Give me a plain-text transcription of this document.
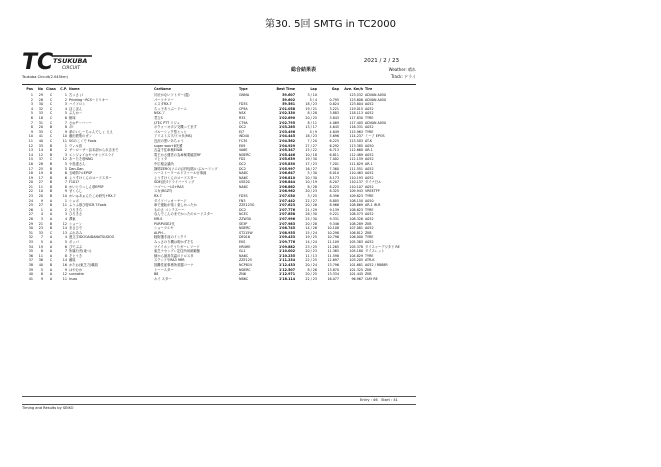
第30. 5回 SMTG in TC2000
TC TSUKUBA
CIRCUIT
Tsukuba Circuit(2.045km)
2021 / 2 / 23
総合結果表	Weather: 晴れ
Track: ドライ
Pos	No	Class	C.P.	Name	CarName	Type	Best Time	Lap	Gap	Ave. Km/h	Tire
1	29	C	1	古っさぅ!	川尻かないソトダー(菱)	GNMA	59.607	3 / 10		123.532	ADVAN A050
2	26	C	2	Pricelog〜RCS〜ドリキー	パーソナリー		59.602	5 / 4	0.795	123.606	ADVAN A050
3	30	C	3	ハイドロン	エスタRX-7	FD3S	59.561	18 / 23	0.824	123.804	A052
4	32	C	4	ぼこぼん	ちっ子あうぶ〜ドーニ	CP9A	1'01.058	19 / 21	3.221	119.015	A052
5	33	C	5	ぶんか〜	NSX-ア	NSX	1'02.330	8 / 28	3.883	118.113	A052
6	18	C	6	飯塚	君立S	R35	1'02.690	20 / 25	3.843	117.830	TYRE
7	31	C	7	さ◎ヂ〜ハ〜ー	J-TEC PTT リジェ	CT9A	1'02.795	8 / 11	4.069	117.405	ADVAN A050
8	20	B	8	ポ!	ボクゥ〜オポジ交機ってます	DC2	1'03.285	13 / 17	4.645	116.331	A052
9	35	C	9	命のいしーちゃんでしょ ええ	ゴルーシック型とっと	EJ7	1'03.496	4 / 9	4.849	115.963	TYRE
10	41	C	10	藤田教集のガン	アリストスプ/ドヨタ(MS)	WD40	1'04.445	18 / 23	5.696	114.237	ミーア EPOS
11	40	C	11	SGのこくで Fools	近況の黒いあちゃう	FC3S	1'04.562	7 / 20	6.225	113.503	AT-K
12	33	B	1	ウィル鳥	super wax+β先輩	EK9	1'04.929	27 / 27	6.292	113.385	A050
13	14	B	2	ザ〜ロ〜ザ〜誌本部から永吉まで	吉益千住車検EVAB	VA6E	1'05.347	15 / 22	6.713	112.660	AR-1
14	12	B	3	エンジョイ◎ヤマキングエライ	電王かさ運営の為車検要確認RF	NDERC	1'05.446	10 / 18	6.811	112.489	A052
15	37	C	12	あーたそ@NNG	リヒトダ	FD2	1'05.639	19 / 30	7.002	112.159	A052
16	28	B	5	小島達さん	中広報会議所	DC2	1'05.830	17 / 23	7.201	111.829	AR-1
17	25	B	5	Dan-Dan	静岡ZERO(ソニの)評判(期)いぶルーリング	DC2	1'05.997	16 / 27	7.360	111.551	A052
18	19	B	6	玉崎防?ルEPSP	ヘーストーワールドファール行事画	NA8C	1'06.647	5 / 30	8.010	110.463	A052
19	17	B	6	ようすけくんのロードスター	ようすけくんのロードスター	NA6C	1'06.810	20 / 30	8.173	110.193	A052
20	27	B	7	F101?	SDE(訳)?ドライバーリング	USE20	1'06.844	10 / 19	8.207	110.137	ダイナ日ル
21	11	B	8	かいとりっしん@EPSP	ハゴーレーLS+RA3	NA8C	1'06.862	8 / 28	8.225	110.107	A052
22	10	B	9	ぜくらし	ス女(RGZT)		1'06.962	20 / 23	8.325	109.943	VREETFP
23	20	B	10	かいゅあぁんたこめ研究+RX-7	RX-7	FD3S	1'07.030	3 / 25	8.396	109.823	TYRE
24	9	A	1	シュボ	ダイソバッカ〜ヤード	FN3	1'07.442	22 / 27	8.805	108.150	A050
25	27	B	11	ふうふ@ぴ@ICR.T.Fools	車で運転が楽く楽しかったか	ZZE123G	1'07.623	20 / 26	8.966	108.869	AR-1 IR-R
26	1	A	2	ひろきち	ものさ コンテスーー	DC2	1'07.776	21 / 29	9.139	108.623	TYRE
27	4	A	3	ひろきさ	なんでこんのまでかったのロードスター	NCEC	1'07.858	28 / 30	9.221	108.573	A052
28	3	A	4	澤東	MR-S	ZZW30	1'07.996	25 / 30	9.331	108.326	A052
29	21	B	12	ショーン	PURPUSE2代	SE3P	1'07.983	20 / 28	9.346	108.289	ZIIB
30	23	B	14	まさひで	ショーツエヤ	NDERC	1'08.745	14 / 26	10.108	107.081	A052
31	33	C	13	ぷれあみ	ALPH...	ST215W	1'08.935	15 / 24	10.298	106.812	ZIIB
32	7	A	4	進文字IDOOAIDANATSUDOO	軽街選手前のインクリ	DE016	1'09.433	19 / 25	10.796	106.000	TYRE
33	5	A	5	ポッパ	みっさのり機は明かずそち	EKS	1'09.776	14 / 24	11.109	105.383	A052
34	19	A	6	ぴでぶぶ	ツイイホンでうりガーレリード	HR4HE	1'09.882	23 / 25	11.265	105.378	ダイスゥーデジタド RE
35	8	A	7	所属行舎(東つ)	東芝ナセンブレ定住所用統範様	GL1	1'10.002	20 / 23	11.365	105.180	ダイスレット
36	11	A	8	そとうき	線から最高気温のドロスタ	NA6C	1'10.235	11 / 13	11.598	104.829	TYRE
37	36	C	14	藤原	ステンドやRA3 9RR	ZZE125	1'11.234	22 / 25	12.697	103.205	ATR-K
38	40	B	16	かたお(東芝刀)職員	指離性症事務所楽器コーナ	NCP81V	1'12.433	20 / 24	13.796	101.681	A052 / R888R
39	5	A	9	はやむか	トーースター	NDERC	1'12.507	8 / 26	13.870	101.325	ZIIB
40	6	A	12	sunnakie	B8	ZN6	1'12.971	20 / 25	13.334	101.445	ZIIB
41	9	A	11	Iruzo	ホイ スター	NB6C	1'16.114	22 / 23	16.077	96.967	CIAY RE
Entry : 46 Start : 41
Timing and Results by SEIKO
